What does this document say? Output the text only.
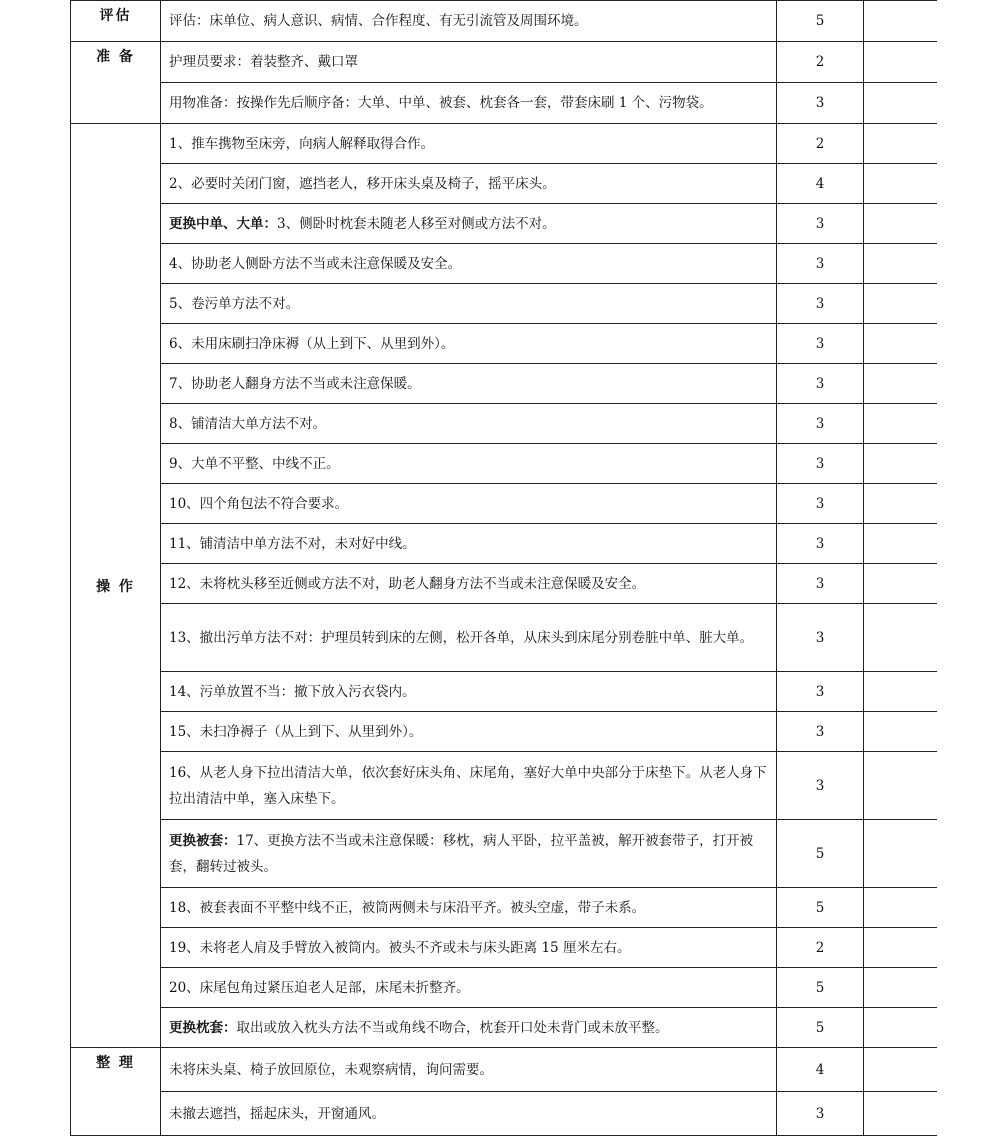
评估	评估：床单位、病人意识、病情、合作程度、有无引流管及周围环境。	5	
准 备	护理员要求：着装整齐、戴口罩	2	
	用物准备：按操作先后顺序备：大单、中单、被套、枕套各一套，带套床刷 1 个、污物袋。	3	
操 作	1、推车携物至床旁，向病人解释取得合作。	2	
	2、必要时关闭门窗，遮挡老人，移开床头桌及椅子，摇平床头。	4	
	更换中单、大单：3、侧卧时枕套未随老人移至对侧或方法不对。	3	
	4、协助老人侧卧方法不当或未注意保暖及安全。	3	
	5、卷污单方法不对。	3	
	6、未用床刷扫净床褥（从上到下、从里到外）。	3	
	7、协助老人翻身方法不当或未注意保暖。	3	
	8、铺清洁大单方法不对。	3	
	9、大单不平整、中线不正。	3	
	10、四个角包法不符合要求。	3	
	11、铺清洁中单方法不对，未对好中线。	3	
	12、未将枕头移至近侧或方法不对，助老人翻身方法不当或未注意保暖及安全。	3	
	13、撤出污单方法不对：护理员转到床的左侧，松开各单，从床头到床尾分别卷脏中单、脏大单。	3	
	14、污单放置不当：撤下放入污衣袋内。	3	
	15、未扫净褥子（从上到下、从里到外）。	3	
	16、从老人身下拉出清洁大单，依次套好床头角、床尾角，塞好大单中央部分于床垫下。从老人身下拉出清洁中单，塞入床垫下。	3	
	更换被套：17、更换方法不当或未注意保暖：移枕，病人平卧，拉平盖被，解开被套带子，打开被套，翻转过被头。	5	
	18、被套表面不平整中线不正，被筒两侧未与床沿平齐。被头空虚，带子未系。	5	
	19、未将老人肩及手臂放入被筒内。被头不齐或未与床头距离 15 厘米左右。	2	
	20、床尾包角过紧压迫老人足部，床尾未折整齐。	5	
	更换枕套：取出或放入枕头方法不当或角线不吻合，枕套开口处未背门或未放平整。	5	
整 理	未将床头桌、椅子放回原位，未观察病情，询问需要。	4	
	未撤去遮挡，摇起床头，开窗通风。	3	
